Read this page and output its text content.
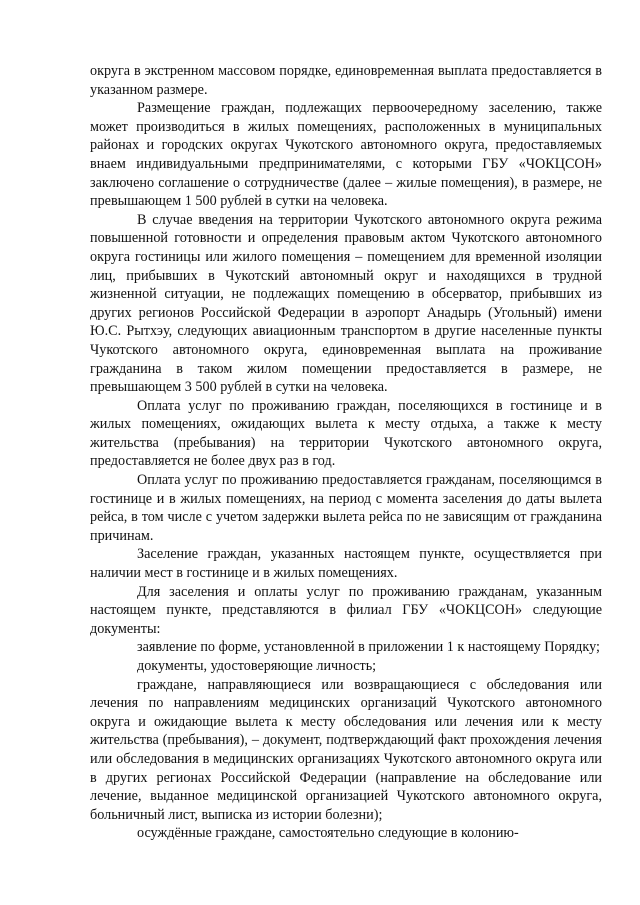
округа в экстренном массовом порядке, единовременная выплата предоставляется в указанном размере.

Размещение граждан, подлежащих первоочередному заселению, также может производиться в жилых помещениях, расположенных в муниципальных районах и городских округах Чукотского автономного округа, предоставляемых внаем индивидуальными предпринимателями, с которыми ГБУ «ЧОКЦСОН» заключено соглашение о сотрудничестве (далее – жилые помещения), в размере, не превышающем 1 500 рублей в сутки на человека.

В случае введения на территории Чукотского автономного округа режима повышенной готовности и определения правовым актом Чукотского автономного округа гостиницы или жилого помещения – помещением для временной изоляции лиц, прибывших в Чукотский автономный округ и находящихся в трудной жизненной ситуации, не подлежащих помещению в обсерватор, прибывших из других регионов Российской Федерации в аэропорт Анадырь (Угольный) имени Ю.С. Рытхэу, следующих авиационным транспортом в другие населенные пункты Чукотского автономного округа, единовременная выплата на проживание гражданина в таком жилом помещении предоставляется в размере, не превышающем 3 500 рублей в сутки на человека.

Оплата услуг по проживанию граждан, поселяющихся в гостинице и в жилых помещениях, ожидающих вылета к месту отдыха, а также к месту жительства (пребывания) на территории Чукотского автономного округа, предоставляется не более двух раз в год.

Оплата услуг по проживанию предоставляется гражданам, поселяющимся в гостинице и в жилых помещениях, на период с момента заселения до даты вылета рейса, в том числе с учетом задержки вылета рейса по не зависящим от гражданина причинам.

Заселение граждан, указанных настоящем пункте, осуществляется при наличии мест в гостинице и в жилых помещениях.

Для заселения и оплаты услуг по проживанию гражданам, указанным настоящем пункте, представляются в филиал ГБУ «ЧОКЦСОН» следующие документы:

заявление по форме, установленной в приложении 1 к настоящему Порядку;

документы, удостоверяющие личность;

граждане, направляющиеся или возвращающиеся с обследования или лечения по направлениям медицинских организаций Чукотского автономного округа и ожидающие вылета к месту обследования или лечения или к месту жительства (пребывания), – документ, подтверждающий факт прохождения лечения или обследования в медицинских организациях Чукотского автономного округа или в других регионах Российской Федерации (направление на обследование или лечение, выданное медицинской организацией Чукотского автономного округа, больничный лист, выписка из истории болезни);

осуждённые граждане, самостоятельно следующие в колонию-
